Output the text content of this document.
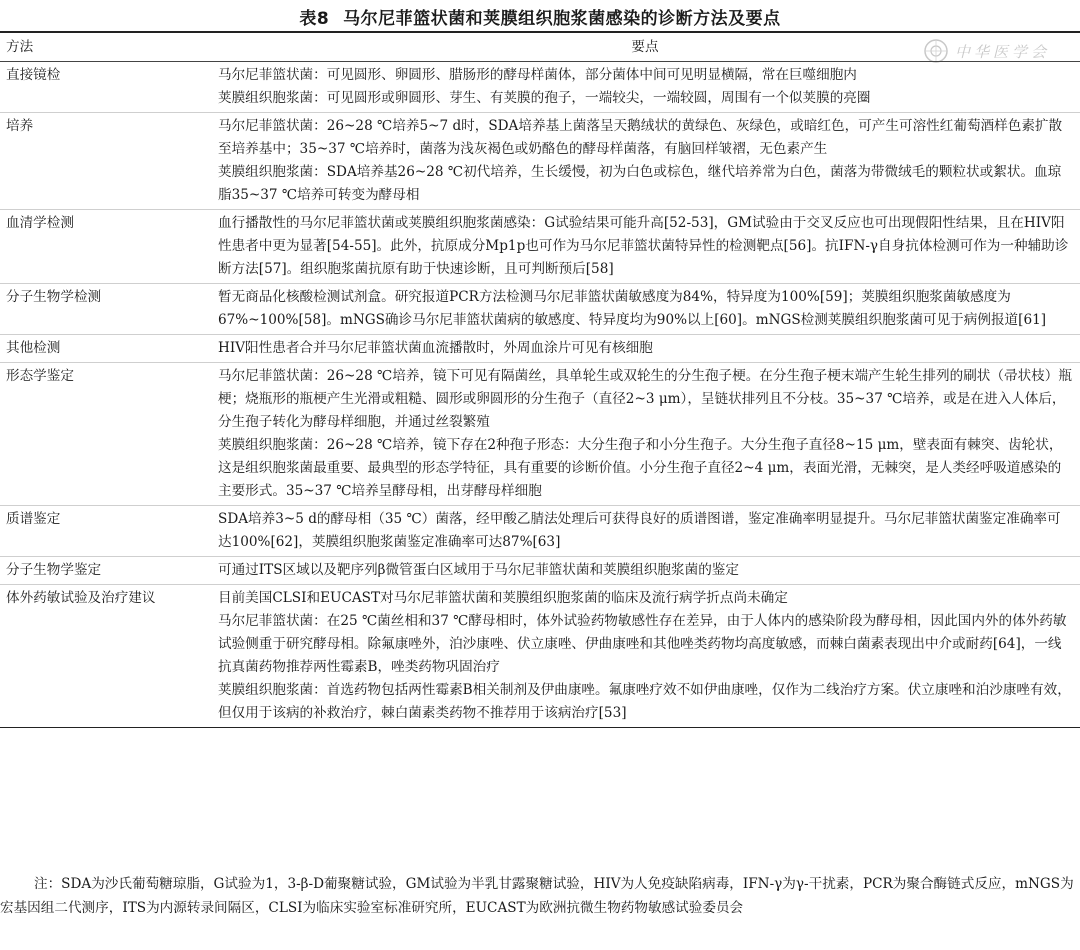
表8 马尔尼菲篮状菌和荚膜组织胞浆菌感染的诊断方法及要点
中华医学会
方法	要点
直接镜检	马尔尼菲篮状菌：可见圆形、卵圆形、腊肠形的酵母样菌体，部分菌体中间可见明显横隔，常在巨噬细胞内
荚膜组织胞浆菌：可见圆形或卵圆形、芽生、有荚膜的孢子，一端较尖，一端较圆，周围有一个似荚膜的亮圈

培养	马尔尼菲篮状菌：26~28 ℃培养5~7 d时，SDA培养基上菌落呈天鹅绒状的黄绿色、灰绿色，或暗红色，可产生可溶性红葡萄酒样色素扩散至培养基中；35~37 ℃培养时，菌落为浅灰褐色或奶酪色的酵母样菌落，有脑回样皱褶，无色素产生
荚膜组织胞浆菌：SDA培养基26~28 ℃初代培养，生长缓慢，初为白色或棕色，继代培养常为白色，菌落为带微绒毛的颗粒状或絮状。血琼脂35~37 ℃培养可转变为酵母相

血清学检测	血行播散性的马尔尼菲篮状菌或荚膜组织胞浆菌感染：G试验结果可能升高[52-53]，GM试验由于交叉反应也可出现假阳性结果，且在HIV阳性患者中更为显著[54-55]。此外，抗原成分Mp1p也可作为马尔尼菲篮状菌特异性的检测靶点[56]。抗IFN-γ自身抗体检测可作为一种辅助诊断方法[57]。组织胞浆菌抗原有助于快速诊断，且可判断预后[58]

分子生物学检测	暂无商品化核酸检测试剂盒。研究报道PCR方法检测马尔尼菲篮状菌敏感度为84%，特异度为100%[59]；荚膜组织胞浆菌敏感度为67%~100%[58]。mNGS确诊马尔尼菲篮状菌病的敏感度、特异度均为90%以上[60]。mNGS检测荚膜组织胞浆菌可见于病例报道[61]

其他检测	HIV阳性患者合并马尔尼菲篮状菌血流播散时，外周血涂片可见有核细胞

形态学鉴定	马尔尼菲篮状菌：26~28 ℃培养，镜下可见有隔菌丝，具单轮生或双轮生的分生孢子梗。在分生孢子梗末端产生轮生排列的刷状（帚状枝）瓶梗；烧瓶形的瓶梗产生光滑或粗糙、圆形或卵圆形的分生孢子（直径2~3 μm），呈链状排列且不分枝。35~37 ℃培养，或是在进入人体后，分生孢子转化为酵母样细胞，并通过丝裂繁殖
荚膜组织胞浆菌：26~28 ℃培养，镜下存在2种孢子形态：大分生孢子和小分生孢子。大分生孢子直径8~15 μm，壁表面有棘突、齿轮状，这是组织胞浆菌最重要、最典型的形态学特征，具有重要的诊断价值。小分生孢子直径2~4 μm，表面光滑，无棘突，是人类经呼吸道感染的主要形式。35~37 ℃培养呈酵母相，出芽酵母样细胞

质谱鉴定	SDA培养3~5 d的酵母相（35 ℃）菌落，经甲酸乙腈法处理后可获得良好的质谱图谱，鉴定准确率明显提升。马尔尼菲篮状菌鉴定准确率可达100%[62]，荚膜组织胞浆菌鉴定准确率可达87%[63]

分子生物学鉴定	可通过ITS区域以及靶序列β微管蛋白区域用于马尔尼菲篮状菌和荚膜组织胞浆菌的鉴定

体外药敏试验及治疗建议	目前美国CLSI和EUCAST对马尔尼菲篮状菌和荚膜组织胞浆菌的临床及流行病学折点尚未确定
马尔尼菲篮状菌：在25 ℃菌丝相和37 ℃酵母相时，体外试验药物敏感性存在差异，由于人体内的感染阶段为酵母相，因此国内外的体外药敏试验侧重于研究酵母相。除氟康唑外，泊沙康唑、伏立康唑、伊曲康唑和其他唑类药物均高度敏感，而棘白菌素表现出中介或耐药[64]，一线抗真菌药物推荐两性霉素B，唑类药物巩固治疗
荚膜组织胞浆菌：首选药物包括两性霉素B相关制剂及伊曲康唑。氟康唑疗效不如伊曲康唑，仅作为二线治疗方案。伏立康唑和泊沙康唑有效，但仅用于该病的补救治疗，棘白菌素类药物不推荐用于该病治疗[53]
注：SDA为沙氏葡萄糖琼脂，G试验为1，3-β-D葡聚糖试验，GM试验为半乳甘露聚糖试验，HIV为人免疫缺陷病毒，IFN-γ为γ-干扰素，PCR为聚合酶链式反应，mNGS为宏基因组二代测序，ITS为内源转录间隔区，CLSI为临床实验室标准研究所，EUCAST为欧洲抗微生物药物敏感试验委员会
